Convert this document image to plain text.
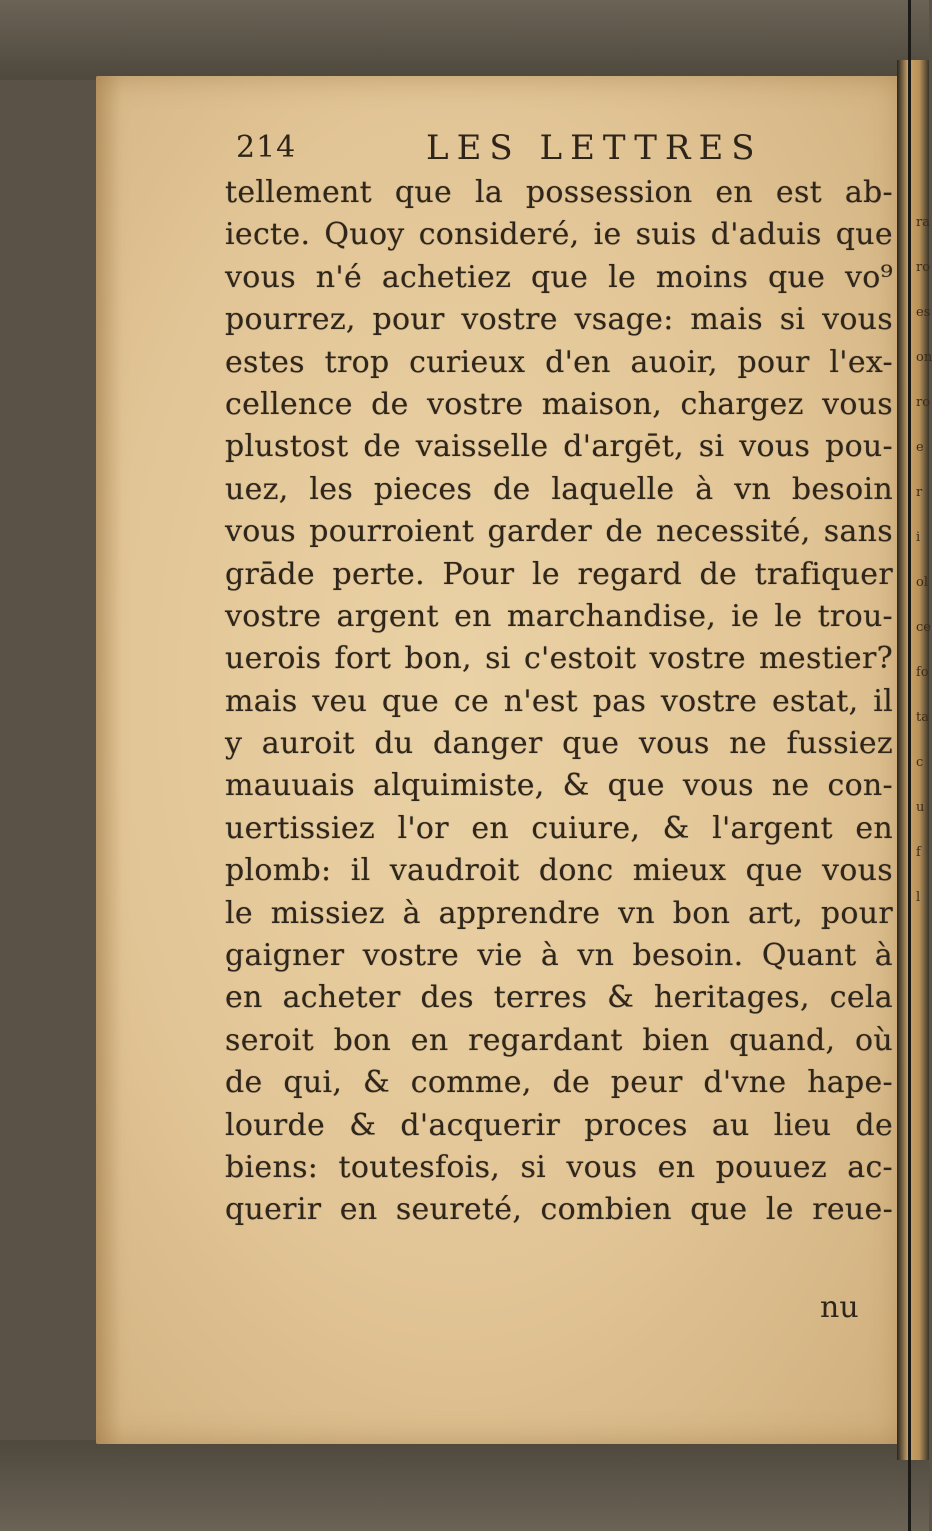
ra
ro
es
on
ro
e
r
i
ol
ce
fo
ta
c
u
f
l
214	LES LETTRES
tellement que la possession en est ab-
iecte. Quoy consideré, ie suis d'aduis que
vous n'é achetiez que le moins que vo⁹
pourrez, pour vostre vsage: mais si vous
estes trop curieux d'en auoir, pour l'ex-
cellence de vostre maison, chargez vous
plustost de vaisselle d'argēt, si vous pou-
uez, les pieces de laquelle à vn besoin
vous pourroient garder de necessité, sans
grāde perte. Pour le regard de trafiquer
vostre argent en marchandise, ie le trou-
uerois fort bon, si c'estoit vostre mestier?
mais veu que ce n'est pas vostre estat, il
y auroit du danger que vous ne fussiez
mauuais alquimiste, & que vous ne con-
uertissiez l'or en cuiure, & l'argent en
plomb: il vaudroit donc mieux que vous
le missiez à apprendre vn bon art, pour
gaigner vostre vie à vn besoin. Quant à
en acheter des terres & heritages, cela
seroit bon en regardant bien quand, où
de qui, & comme, de peur d'vne hape-
lourde & d'acquerir proces au lieu de
biens: toutesfois, si vous en pouuez ac-
querir en seureté, combien que le reue-
nu
